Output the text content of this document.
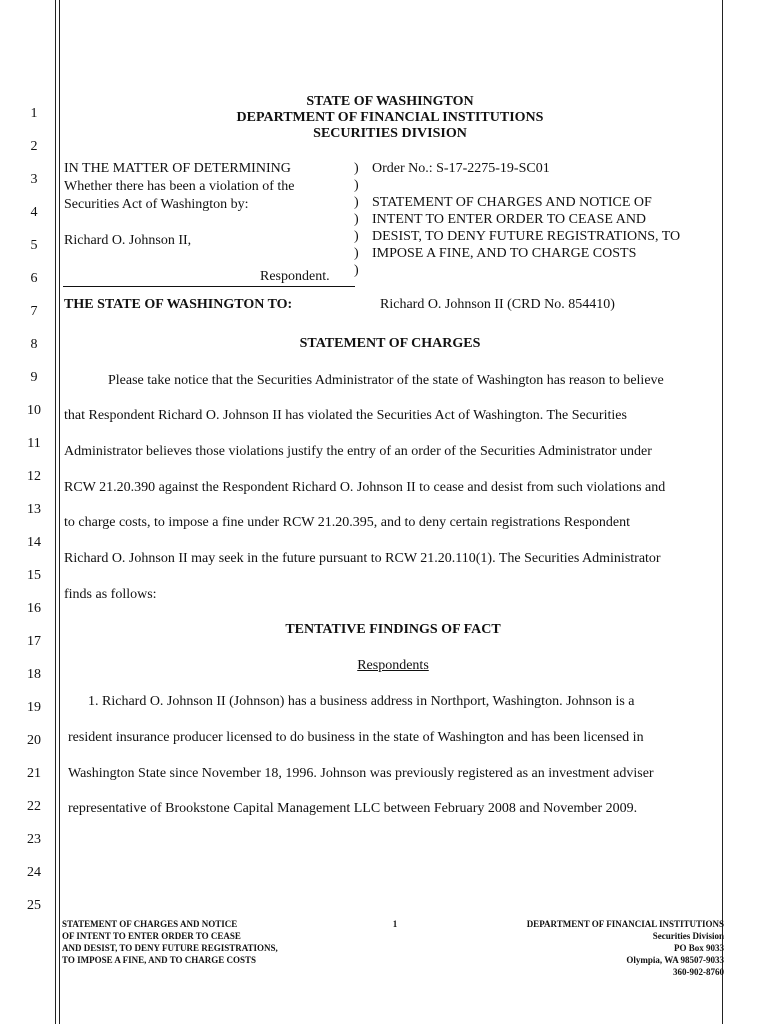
STATE OF WASHINGTON
DEPARTMENT OF FINANCIAL INSTITUTIONS
SECURITIES DIVISION
1
2
3
4
5
6
7
8
9
10
11
12
13
14
15
16
17
18
19
20
21
22
23
24
25
IN THE MATTER OF DETERMINING
Whether there has been a violation of the
Securities Act of Washington by:
Richard O. Johnson II,
Respondent.
)
)
)
)
)
)
)
Order No.: S-17-2275-19-SC01
STATEMENT OF CHARGES AND NOTICE OF
INTENT TO ENTER ORDER TO CEASE AND
DESIST, TO DENY FUTURE REGISTRATIONS, TO
IMPOSE A FINE, AND TO CHARGE COSTS
THE STATE OF WASHINGTON TO:	Richard O. Johnson II (CRD No. 854410)
STATEMENT OF CHARGES
Please take notice that the Securities Administrator of the state of Washington has reason to believe
that Respondent Richard O. Johnson II has violated the Securities Act of Washington. The Securities
Administrator believes those violations justify the entry of an order of the Securities Administrator under
RCW 21.20.390 against the Respondent Richard O. Johnson II to cease and desist from such violations and
to charge costs, to impose a fine under RCW 21.20.395, and to deny certain registrations Respondent
Richard O. Johnson II may seek in the future pursuant to RCW 21.20.110(1). The Securities Administrator
finds as follows:
TENTATIVE FINDINGS OF FACT
Respondents
1. Richard O. Johnson II (Johnson) has a business address in Northport, Washington. Johnson is a
resident insurance producer licensed to do business in the state of Washington and has been licensed in
Washington State since November 18, 1996. Johnson was previously registered as an investment adviser
representative of Brookstone Capital Management LLC between February 2008 and November 2009.
STATEMENT OF CHARGES AND NOTICE
OF INTENT TO ENTER ORDER TO CEASE
AND DESIST, TO DENY FUTURE REGISTRATIONS,
TO IMPOSE A FINE, AND TO CHARGE COSTS
1	DEPARTMENT OF FINANCIAL INSTITUTIONS
Securities Division
PO Box 9033
Olympia, WA 98507-9033
360-902-8760
